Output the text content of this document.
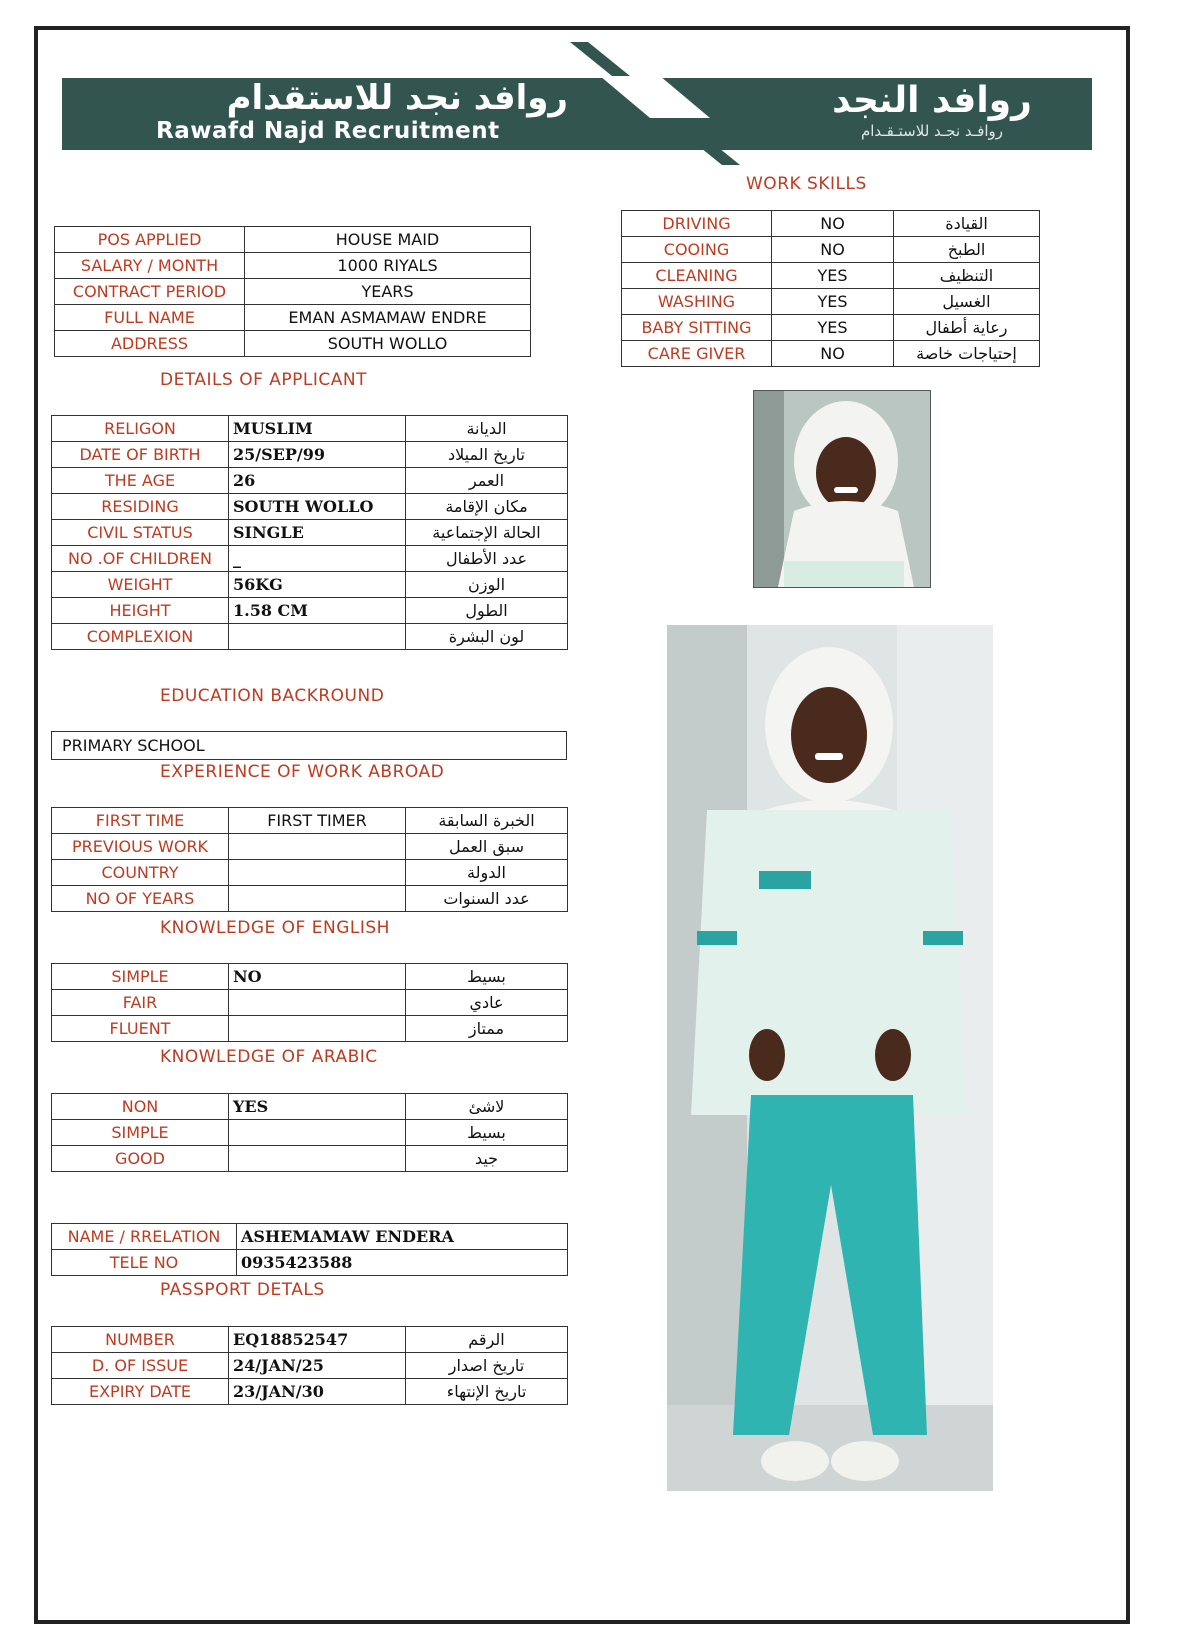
روافد نجد للاستقدام
Rawafd Najd Recruitment
روافد النجد
روافـد نجـد للاستـقـدام
WORK SKILLS
DRIVING	NO	القيادة
COOING	NO	الطبخ
CLEANING	YES	التنظيف
WASHING	YES	الغسيل
BABY SITTING	YES	رعاية أطفال
CARE GIVER	NO	إحتياجات خاصة
POS APPLIED	HOUSE MAID
SALARY / MONTH	1000 RIYALS
CONTRACT PERIOD	YEARS
FULL NAME	EMAN ASMAMAW ENDRE
ADDRESS	SOUTH WOLLO
DETAILS OF APPLICANT
RELIGON	MUSLIM	الديانة
DATE OF BIRTH	25/SEP/99	تاريخ الميلاد
THE AGE	26	العمر
RESIDING	SOUTH WOLLO	مكان الإقامة
CIVIL STATUS	SINGLE	الحالة الإجتماعية
NO .OF CHILDREN	_	عدد الأطفال
WEIGHT	56KG	الوزن
HEIGHT	1.58 CM	الطول
COMPLEXION		لون البشرة
EDUCATION BACKROUND
PRIMARY SCHOOL
EXPERIENCE OF WORK ABROAD
FIRST TIME	FIRST TIMER	الخبرة السابقة
PREVIOUS WORK		سبق العمل
COUNTRY		الدولة
NO OF YEARS		عدد السنوات
KNOWLEDGE OF ENGLISH
SIMPLE	NO	بسيط
FAIR		عادي
FLUENT		ممتاز
KNOWLEDGE OF ARABIC
NON	YES	لاشئ
SIMPLE		بسيط
GOOD		جيد
NAME / RRELATION	ASHEMAMAW ENDERA
TELE NO	0935423588
PASSPORT DETALS
NUMBER	EQ18852547	الرقم
D. OF ISSUE	24/JAN/25	تاريخ اصدار
EXPIRY DATE	23/JAN/30	تاريخ الإنتهاء
